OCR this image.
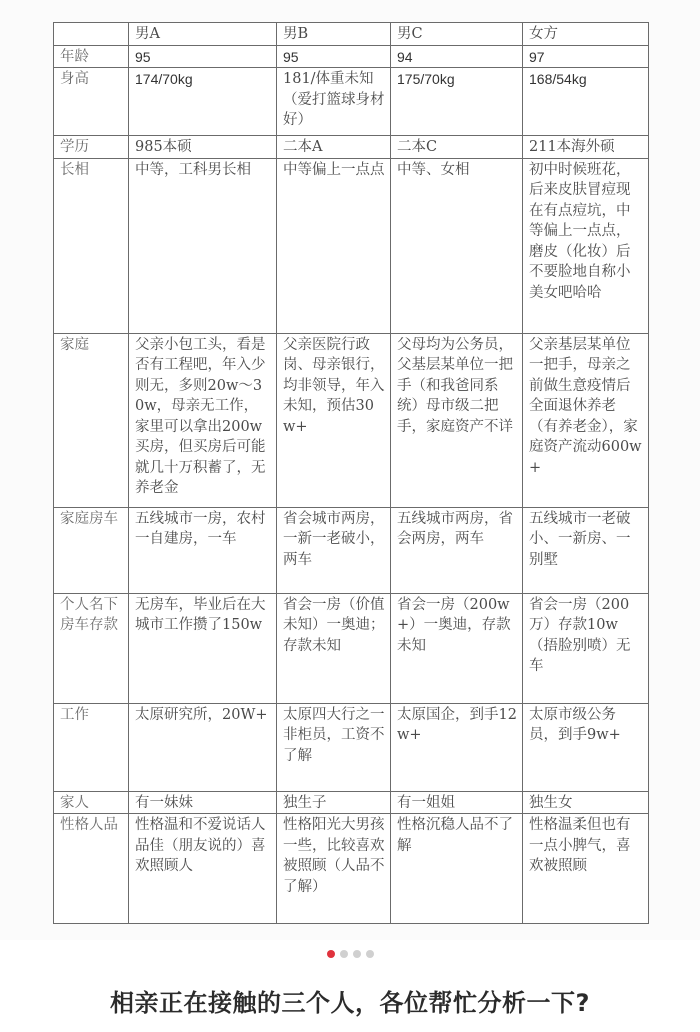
	男A	男B	男C	女方
年龄	95	95	94	97
身高	174/70kg	181/体重未知（爱打篮球身材好）	175/70kg	168/54kg
学历	985本硕	二本A	二本C	211本海外硕
长相	中等，工科男长相	中等偏上一点点	中等、女相	初中时候班花，后来皮肤冒痘现在有点痘坑，中等偏上一点点，磨皮（化妆）后不要脸地自称小美女吧哈哈
家庭	父亲小包工头，看是否有工程吧，年入少则无，多则20w～30w，母亲无工作，家里可以拿出200w买房，但买房后可能就几十万积蓄了，无养老金	父亲医院行政岗、母亲银行，均非领导，年入未知，预估30w+	父母均为公务员，父基层某单位一把手（和我爸同系统）母市级二把手，家庭资产不详	父亲基层某单位一把手，母亲之前做生意疫情后全面退休养老（有养老金），家庭资产流动600w+
家庭房车	五线城市一房，农村一自建房，一车	省会城市两房，一新一老破小，两车	五线城市两房，省会两房，两车	五线城市一老破小、一新房、一别墅
个人名下房车存款	无房车，毕业后在大城市工作攒了150w	省会一房（价值未知）一奥迪；存款未知	省会一房（200w+）一奥迪，存款未知	省会一房（200万）存款10w（捂脸别喷）无车
工作	太原研究所，20W+	太原四大行之一非柜员，工资不了解	太原国企，到手12w+	太原市级公务员，到手9w+
家人	有一妹妹	独生子	有一姐姐	独生女
性格人品	性格温和不爱说话人品佳（朋友说的）喜欢照顾人	性格阳光大男孩一些，比较喜欢被照顾（人品不了解）	性格沉稳人品不了解	性格温柔但也有一点小脾气，喜欢被照顾
相亲正在接触的三个人，各位帮忙分析一下?
